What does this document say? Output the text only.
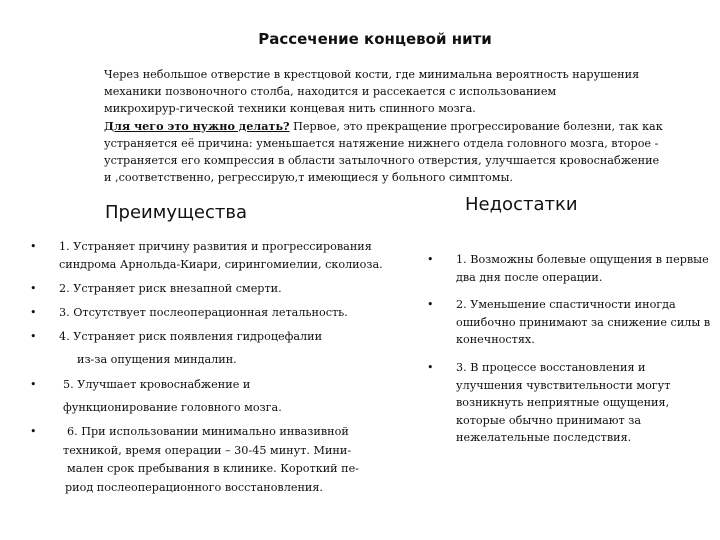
Рассечение концевой нити

Через небольшое отверстие в крестцовой кости, где минимальна вероятность нарушения

механики позвоночного столба, находится и рассекается с использованием

микрохирур-гической техники концевая нить спинного мозга.

Для чего это нужно делать? Первое, это прекращение прогрессирование болезни, так как

устраняется её причина: уменьшается натяжение нижнего отдела головного мозга, второе -

устраняется его компрессия в области затылочного отверстия, улучшается кровоснабжение

и ,соответственно, регрессирую,т имеющиеся у больного симптомы.

Преимущества
• 1. Устраняет причину развития и прогрессирования
синдрома Арнольда-Киари, сирингомиелии, сколиоза.
• 2. Устраняет риск внезапной смерти.
• 3. Отсутствует послеоперационная летальность.
• 4. Устраняет риск появления гидроцефалии
из-за опущения миндалин.
•	5. Улучшает кровоснабжение и
функционирование головного мозга.
•	6. При использовании минимально инвазивной
техникой, время операции – 30-45 минут. Мини-
мален срок пребывания в клинике. Короткий пе-
риод послеоперационного восстановления.
Недостатки
• 1. Возможны болевые ощущения в первые
два дня после операции.
• 2. Уменьшение спастичности иногда
ошибочно принимают за снижение силы в
конечностях.
• 3. В процессе восстановления и
улучшения чувствительности могут
возникнуть неприятные ощущения,
которые обычно принимают за
нежелательные последствия.
